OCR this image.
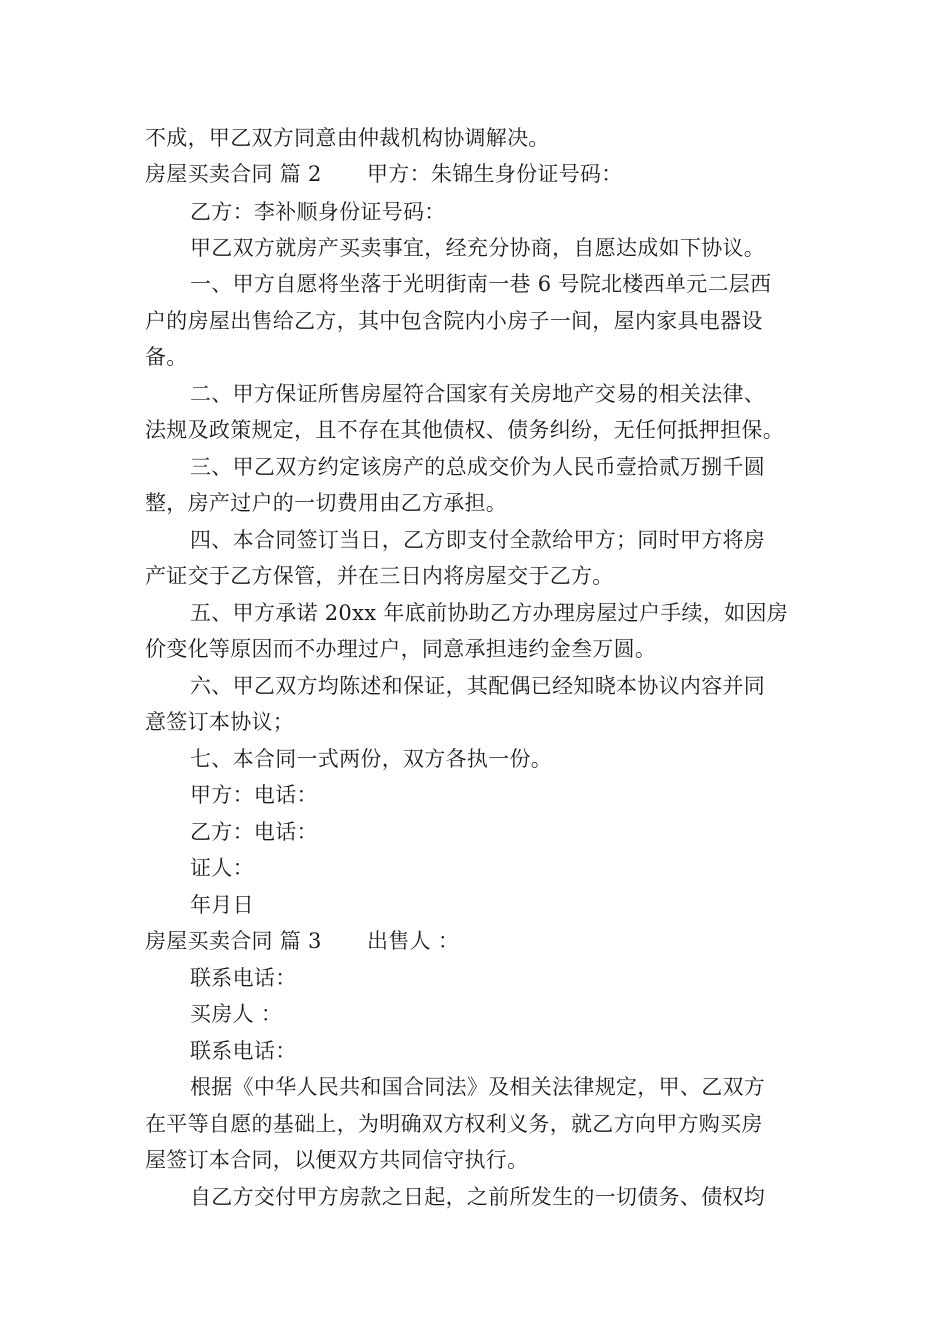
不成，甲乙双方同意由仲裁机构协调解决。
房屋买卖合同 篇 2 甲方：朱锦生身份证号码：
乙方：李补顺身份证号码：
甲乙双方就房产买卖事宜，经充分协商，自愿达成如下协议。
一、甲方自愿将坐落于光明街南一巷 6 号院北楼西单元二层西
户的房屋出售给乙方，其中包含院内小房子一间，屋内家具电器设
备。
二、甲方保证所售房屋符合国家有关房地产交易的相关法律、
法规及政策规定，且不存在其他债权、债务纠纷，无任何抵押担保。
三、甲乙双方约定该房产的总成交价为人民币壹拾贰万捌千圆
整，房产过户的一切费用由乙方承担。
四、本合同签订当日，乙方即支付全款给甲方；同时甲方将房
产证交于乙方保管，并在三日内将房屋交于乙方。
五、甲方承诺 20xx 年底前协助乙方办理房屋过户手续，如因房
价变化等原因而不办理过户，同意承担违约金叁万圆。
六、甲乙双方均陈述和保证，其配偶已经知晓本协议内容并同
意签订本协议；
七、本合同一式两份，双方各执一份。
甲方：电话：
乙方：电话：
证人：
年月日
房屋买卖合同 篇 3 出售人 ：
联系电话：
买房人 ：
联系电话：
根据《中华人民共和国合同法》及相关法律规定，甲、乙双方
在平等自愿的基础上，为明确双方权利义务，就乙方向甲方购买房
屋签订本合同，以便双方共同信守执行。
自乙方交付甲方房款之日起，之前所发生的一切债务、债权均
